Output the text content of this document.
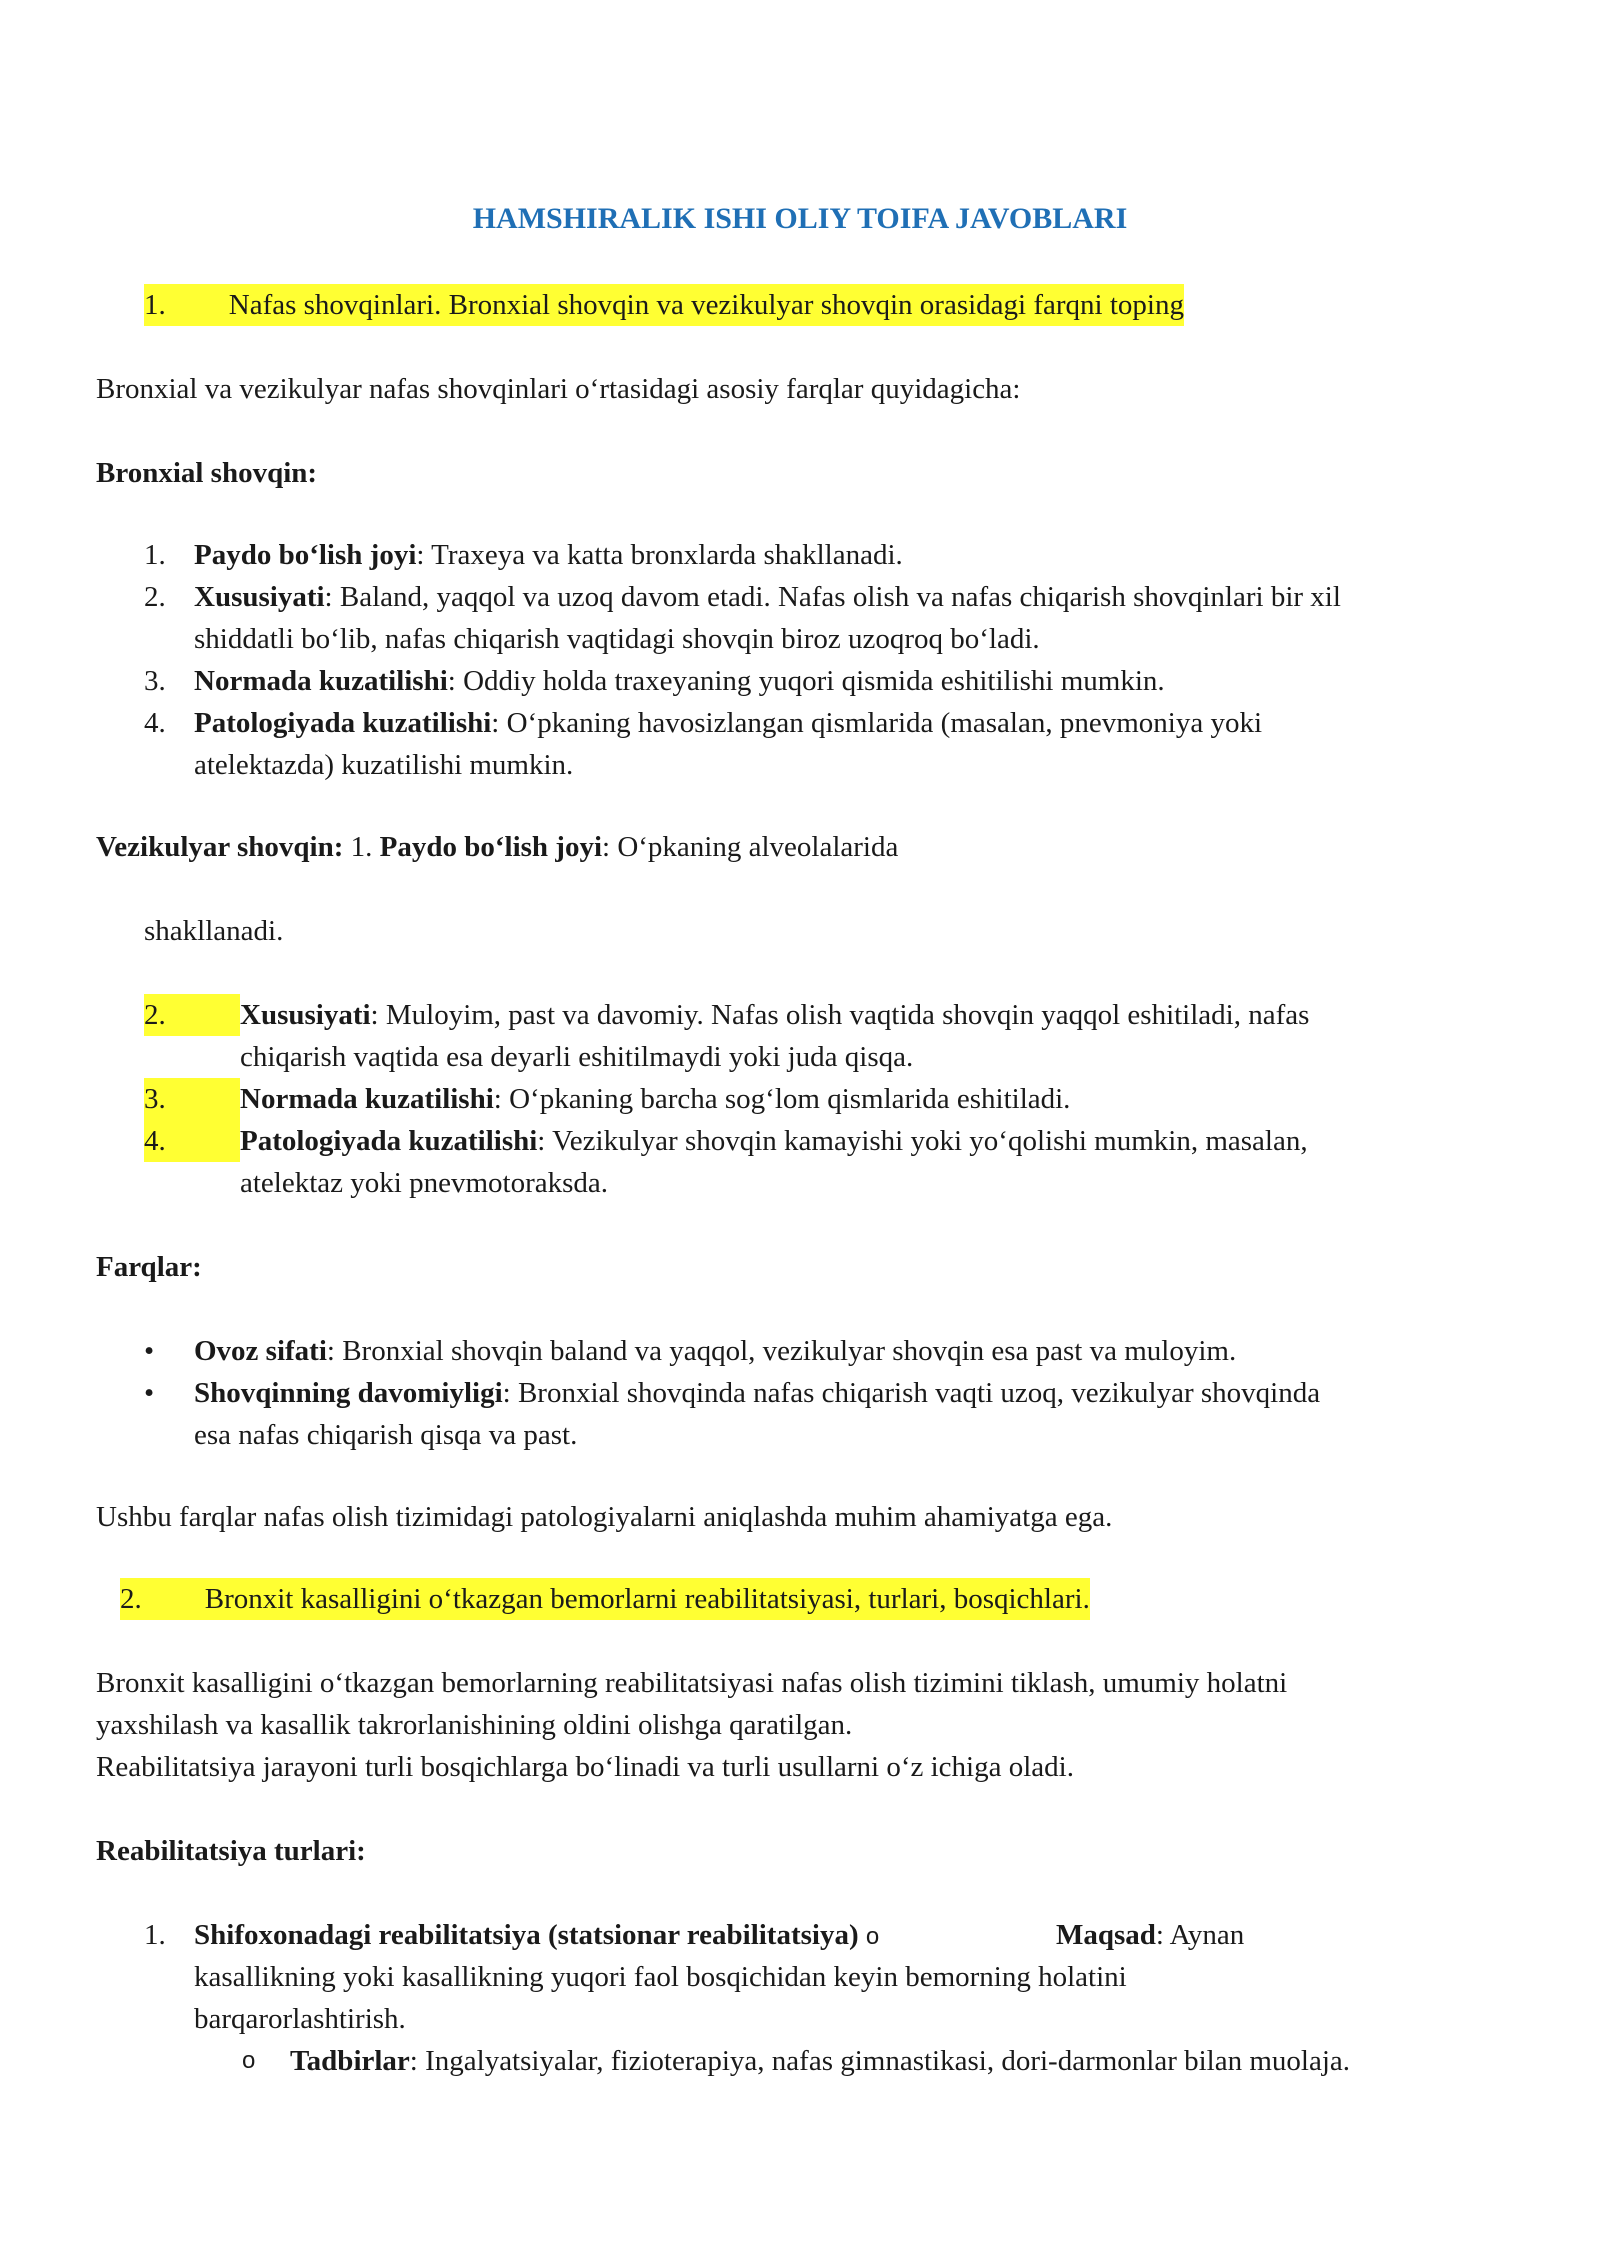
HAMSHIRALIK ISHI OLIY TOIFA JAVOBLARI
1. Nafas shovqinlari. Bronxial shovqin va vezikulyar shovqin orasidagi farqni toping
Bronxial va vezikulyar nafas shovqinlari o‘rtasidagi asosiy farqlar quyidagicha:
Bronxial shovqin:
1. Paydo bo‘lish joyi: Traxeya va katta bronxlarda shakllanadi.
2. Xususiyati: Baland, yaqqol va uzoq davom etadi. Nafas olish va nafas chiqarish shovqinlari bir xil
shiddatli bo‘lib, nafas chiqarish vaqtidagi shovqin biroz uzoqroq bo‘ladi.
3. Normada kuzatilishi: Oddiy holda traxeyaning yuqori qismida eshitilishi mumkin.
4. Patologiyada kuzatilishi: O‘pkaning havosizlangan qismlarida (masalan, pnevmoniya yoki
atelektazda) kuzatilishi mumkin.
Vezikulyar shovqin: 1. Paydo bo‘lish joyi: O‘pkaning alveolalarida
shakllanadi.
2.	Xususiyati: Muloyim, past va davomiy. Nafas olish vaqtida shovqin yaqqol eshitiladi, nafas
chiqarish vaqtida esa deyarli eshitilmaydi yoki juda qisqa.
3.	Normada kuzatilishi: O‘pkaning barcha sog‘lom qismlarida eshitiladi.
4.	Patologiyada kuzatilishi: Vezikulyar shovqin kamayishi yoki yo‘qolishi mumkin, masalan,
atelektaz yoki pnevmotoraksda.
Farqlar:
• Ovoz sifati: Bronxial shovqin baland va yaqqol, vezikulyar shovqin esa past va muloyim.
• Shovqinning davomiyligi: Bronxial shovqinda nafas chiqarish vaqti uzoq, vezikulyar shovqinda
esa nafas chiqarish qisqa va past.
Ushbu farqlar nafas olish tizimidagi patologiyalarni aniqlashda muhim ahamiyatga ega.
2. Bronxit kasalligini o‘tkazgan bemorlarni reabilitatsiyasi, turlari, bosqichlari.
Bronxit kasalligini o‘tkazgan bemorlarning reabilitatsiyasi nafas olish tizimini tiklash, umumiy holatni
yaxshilash va kasallik takrorlanishining oldini olishga qaratilgan.
Reabilitatsiya jarayoni turli bosqichlarga bo‘linadi va turli usullarni o‘z ichiga oladi.
Reabilitatsiya turlari:
1. Shifoxonadagi reabilitatsiya (statsionar reabilitatsiya) o	Maqsad: Aynan
kasallikning yoki kasallikning yuqori faol bosqichidan keyin bemorning holatini
barqarorlashtirish.
o Tadbirlar: Ingalyatsiyalar, fizioterapiya, nafas gimnastikasi, dori-darmonlar bilan muolaja.
